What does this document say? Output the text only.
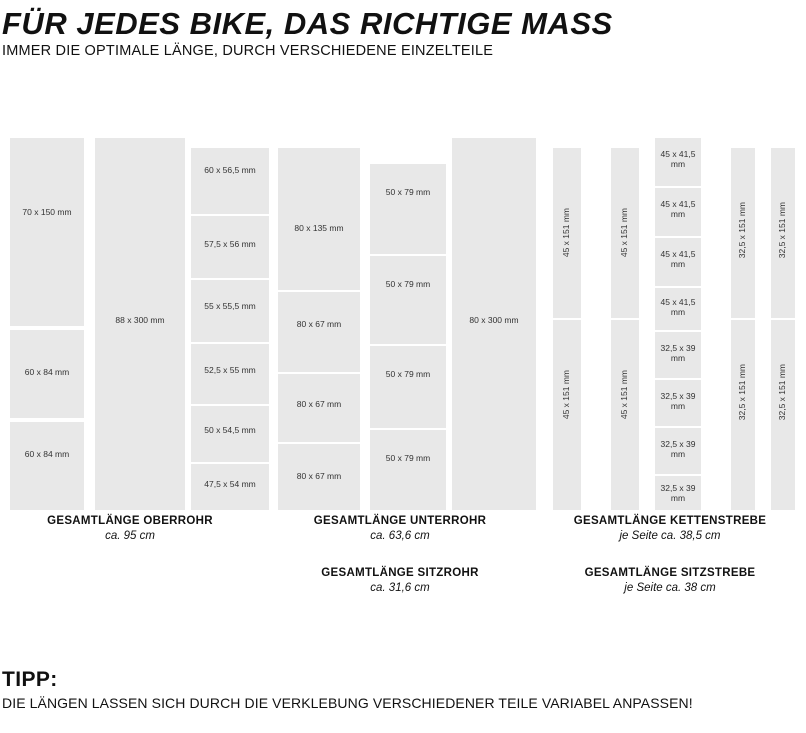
FÜR JEDES BIKE, DAS RICHTIGE MASS
IMMER DIE OPTIMALE LÄNGE, DURCH VERSCHIEDENE EINZELTEILE
70 x 150 mm
60 x 84 mm
60 x 84 mm
88 x 300 mm
60 x 56,5 mm
57,5 x 56 mm
55 x 55,5 mm
52,5 x 55 mm
50 x 54,5 mm
47,5 x 54 mm
80 x 135 mm
80 x 67 mm
80 x 67 mm
80 x 67 mm
50 x 79 mm
50 x 79 mm
50 x 79 mm
50 x 79 mm
80 x 300 mm
45 x 151 mm
45 x 151 mm
45 x 151 mm
45 x 151 mm
45 x 41,5 mm
45 x 41,5 mm
45 x 41,5 mm
45 x 41,5 mm
32,5 x 39 mm
32,5 x 39 mm
32,5 x 39 mm
32,5 x 39 mm
32,5 x 151 mm
32,5 x 151 mm
32,5 x 151 mm
32,5 x 151 mm
GESAMTLÄNGE OBERROHR
ca. 95 cm
GESAMTLÄNGE UNTERROHR
ca. 63,6 cm
GESAMTLÄNGE SITZROHR
ca. 31,6 cm
GESAMTLÄNGE KETTENSTREBE
je Seite ca. 38,5 cm
GESAMTLÄNGE SITZSTREBE
je Seite ca. 38 cm
TIPP:
DIE LÄNGEN LASSEN SICH DURCH DIE VERKLEBUNG VERSCHIEDENER TEILE VARIABEL ANPASSEN!
